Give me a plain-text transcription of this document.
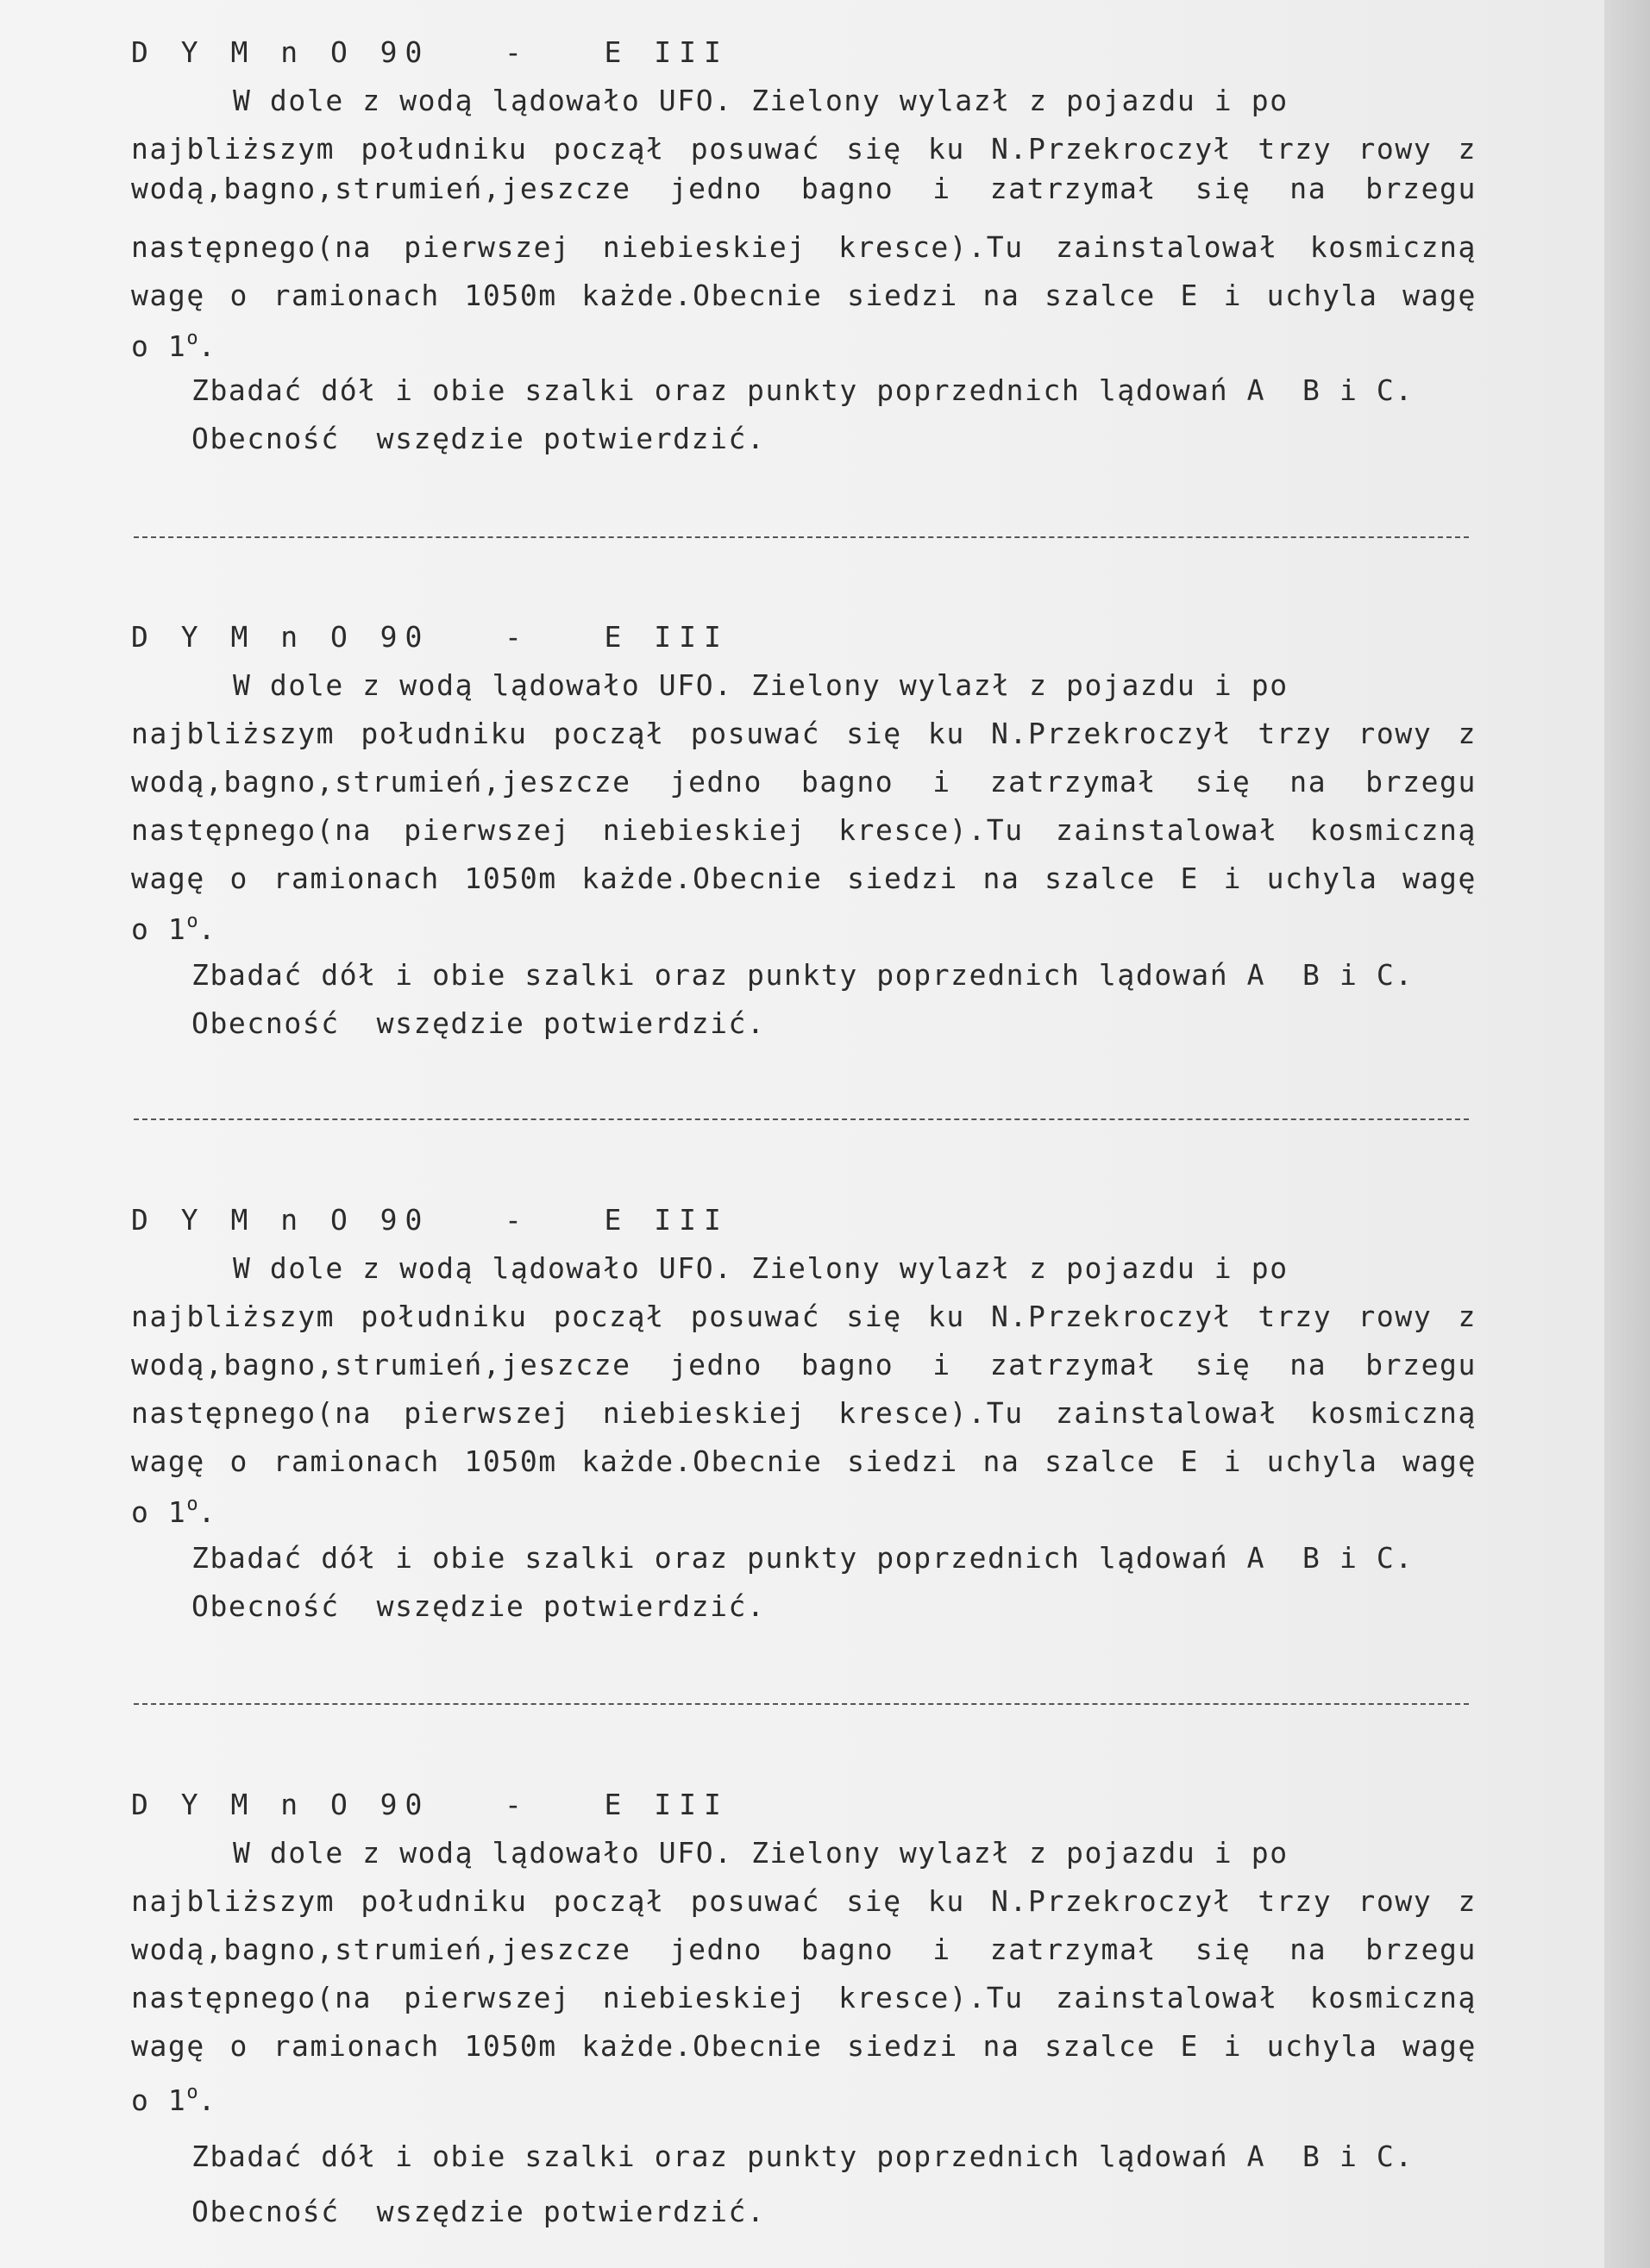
D Y M n O 90   -   E III
W dole z wodą lądowało UFO. Zielony wylazł z pojazdu i po
najbliższym południku począł posuwać się ku N.Przekroczył trzy rowy z
wodą,bagno,strumień,jeszcze jedno bagno i zatrzymał się na brzegu
następnego(na pierwszej niebieskiej kresce).Tu zainstalował kosmiczną
wagę o ramionach 1050m każde.Obecnie siedzi na szalce E i uchyla wagę
o 1$^o$.
Zbadać dół i obie szalki oraz punkty poprzednich lądowań A  B i C.
Obecność  wszędzie potwierdzić.
D Y M n O 90   -   E III
W dole z wodą lądowało UFO. Zielony wylazł z pojazdu i po
najbliższym południku począł posuwać się ku N.Przekroczył trzy rowy z
wodą,bagno,strumień,jeszcze jedno bagno i zatrzymał się na brzegu
następnego(na pierwszej niebieskiej kresce).Tu zainstalował kosmiczną
wagę o ramionach 1050m każde.Obecnie siedzi na szalce E i uchyla wagę
o 1$^o$.
Zbadać dół i obie szalki oraz punkty poprzednich lądowań A  B i C.
Obecność  wszędzie potwierdzić.
D Y M n O 90   -   E III
W dole z wodą lądowało UFO. Zielony wylazł z pojazdu i po
najbliższym południku począł posuwać się ku N.Przekroczył trzy rowy z
wodą,bagno,strumień,jeszcze jedno bagno i zatrzymał się na brzegu
następnego(na pierwszej niebieskiej kresce).Tu zainstalował kosmiczną
wagę o ramionach 1050m każde.Obecnie siedzi na szalce E i uchyla wagę
o 1$^o$.
Zbadać dół i obie szalki oraz punkty poprzednich lądowań A  B i C.
Obecność  wszędzie potwierdzić.
D Y M n O 90   -   E III
W dole z wodą lądowało UFO. Zielony wylazł z pojazdu i po
najbliższym południku począł posuwać się ku N.Przekroczył trzy rowy z
wodą,bagno,strumień,jeszcze jedno bagno i zatrzymał się na brzegu
następnego(na pierwszej niebieskiej kresce).Tu zainstalował kosmiczną
wagę o ramionach 1050m każde.Obecnie siedzi na szalce E i uchyla wagę
o 1$^o$.
Zbadać dół i obie szalki oraz punkty poprzednich lądowań A  B i C.
Obecność  wszędzie potwierdzić.
